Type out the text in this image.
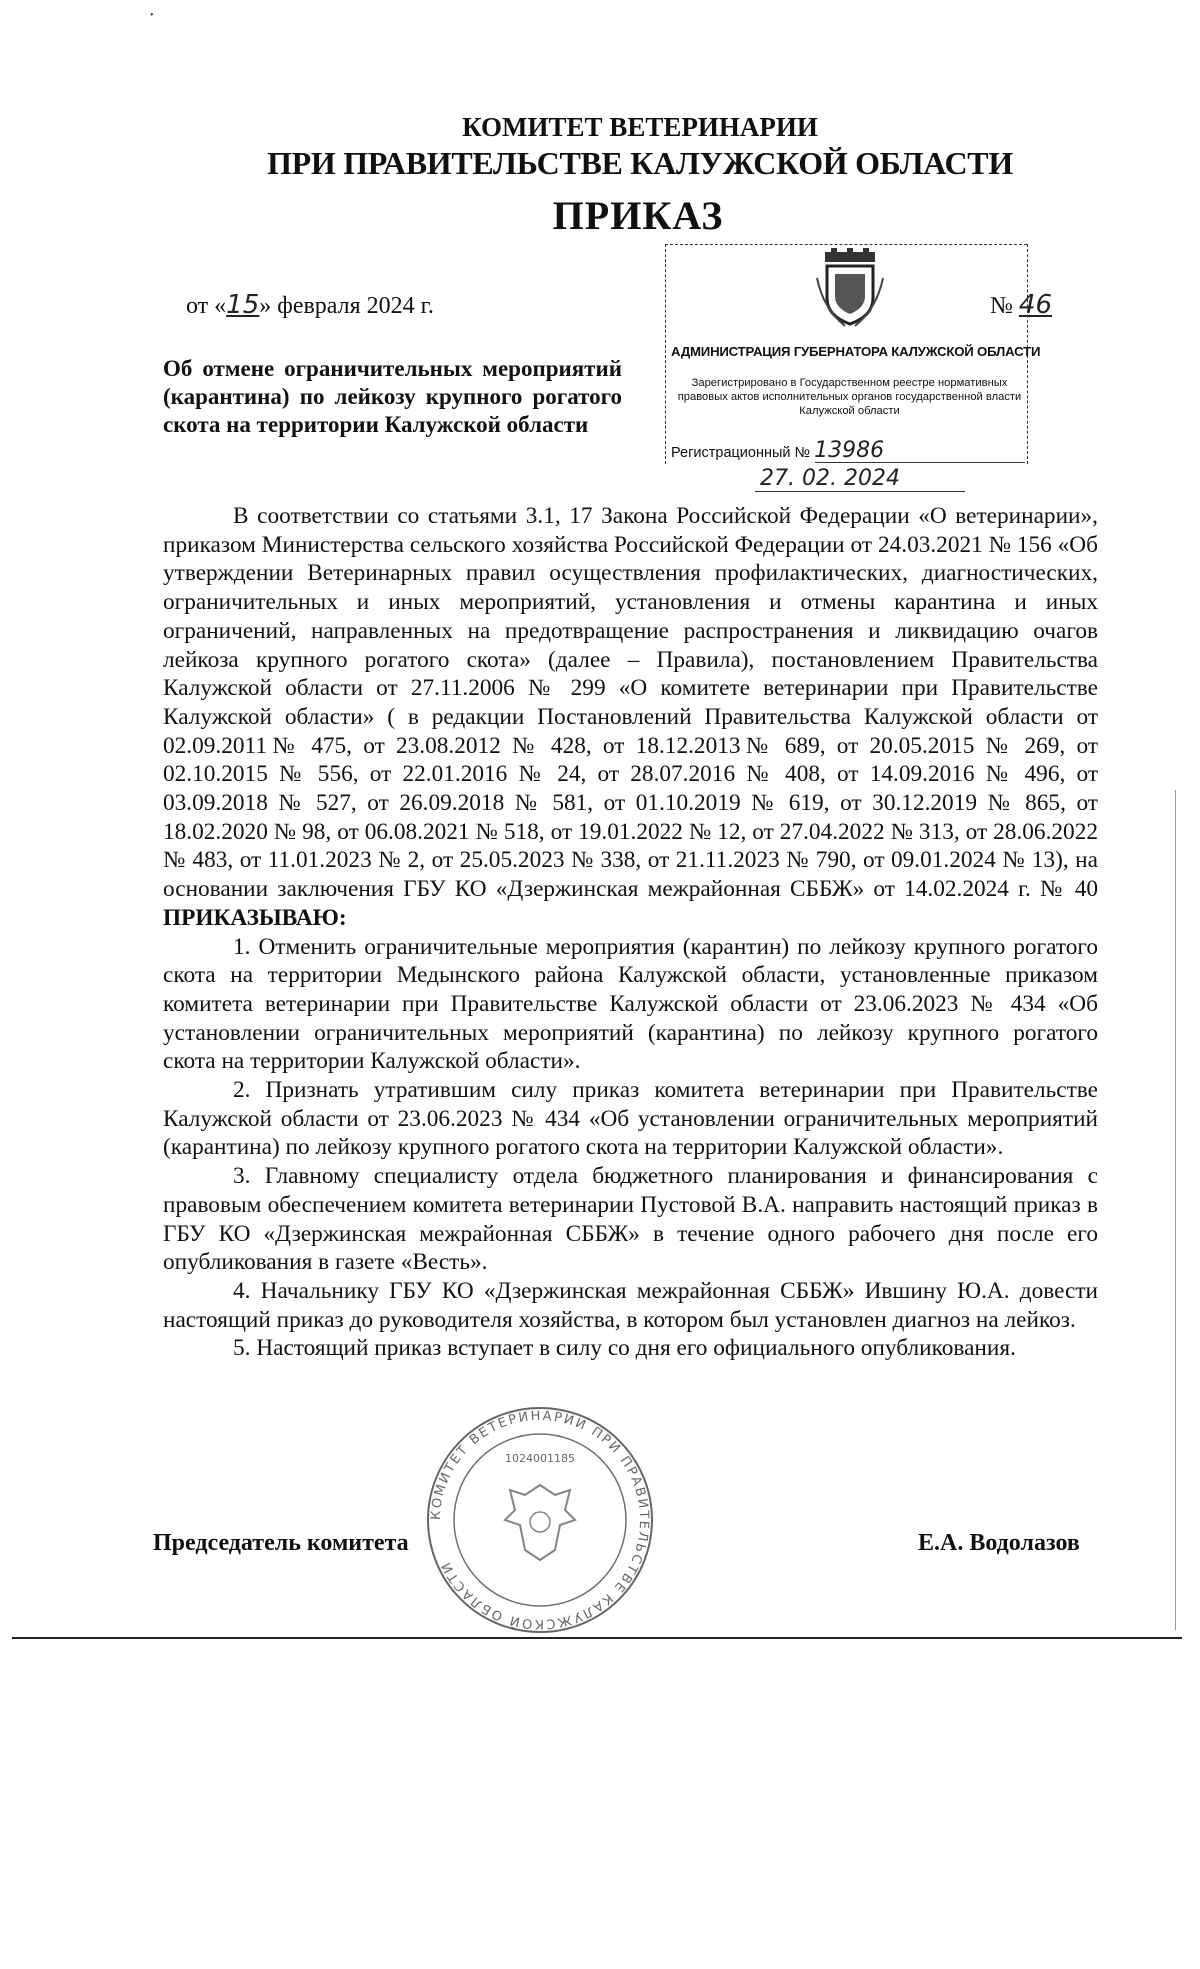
•
КОМИТЕТ ВЕТЕРИНАРИИ
ПРИ ПРАВИТЕЛЬСТВЕ КАЛУЖСКОЙ ОБЛАСТИ
ПРИКАЗ
от «15» февраля 2024 г.	№ 46
Об отмене ограничительных мероприятий (карантина) по лейкозу крупного рогатого скота на территории Калужской области
АДМИНИСТРАЦИЯ ГУБЕРНАТОРА КАЛУЖСКОЙ ОБЛАСТИ
Зарегистрировано в Государственном реестре нормативных правовых актов исполнительных органов государственной власти Калужской области
Регистрационный № 13986
27. 02. 2024

В соответствии со статьями 3.1, 17 Закона Российской Федерации «О ветеринарии», приказом Министерства сельского хозяйства Российской Федерации от 24.03.2021 № 156 «Об утверждении Ветеринарных правил осуществления профилактических, диагностических, ограничительных и иных мероприятий, установления и отмены карантина и иных ограничений, направленных на предотвращение распространения и ликвидацию очагов лейкоза крупного рогатого скота» (далее – Правила), постановлением Правительства Калужской области от 27.11.2006 № 299 «О комитете ветеринарии при Правительстве Калужской области» ( в редакции Постановлений Правительства Калужской области от 02.09.2011№ 475, от 23.08.2012 № 428, от 18.12.2013№ 689, от 20.05.2015 № 269, от 02.10.2015 № 556, от 22.01.2016 № 24, от 28.07.2016 № 408, от 14.09.2016 № 496, от 03.09.2018 № 527, от 26.09.2018 № 581, от 01.10.2019 № 619, от 30.12.2019 № 865, от 18.02.2020 № 98, от 06.08.2021 № 518, от 19.01.2022 № 12, от 27.04.2022 № 313, от 28.06.2022 № 483, от 11.01.2023 № 2, от 25.05.2023 № 338, от 21.11.2023 № 790, от 09.01.2024 № 13), на основании заключения ГБУ КО «Дзержинская межрайонная СББЖ» от 14.02.2024 г. № 40 ПРИКАЗЫВАЮ:

1. Отменить ограничительные мероприятия (карантин) по лейкозу крупного рогатого скота на территории Медынского района Калужской области, установленные приказом комитета ветеринарии при Правительстве Калужской области от 23.06.2023 № 434 «Об установлении ограничительных мероприятий (карантина) по лейкозу крупного рогатого скота на территории Калужской области».

2. Признать утратившим силу приказ комитета ветеринарии при Правительстве Калужской области от 23.06.2023 № 434 «Об установлении ограничительных мероприятий (карантина) по лейкозу крупного рогатого скота на территории Калужской области».

3. Главному специалисту отдела бюджетного планирования и финансирования с правовым обеспечением комитета ветеринарии Пустовой В.А. направить настоящий приказ в ГБУ КО «Дзержинская межрайонная СББЖ» в течение одного рабочего дня после его опубликования в газете «Весть».

4. Начальнику ГБУ КО «Дзержинская межрайонная СББЖ» Ившину Ю.А. довести настоящий приказ до руководителя хозяйства, в котором был установлен диагноз на лейкоз.

5. Настоящий приказ вступает в силу со дня его официального опубликования.

КОМИТЕТ ВЕТЕРИНАРИИ ПРИ ПРАВИТЕЛЬСТВЕ КАЛУЖСКОЙ ОБЛАСТИ
1024001185
Председатель комитета	Е.А. Водолазов
